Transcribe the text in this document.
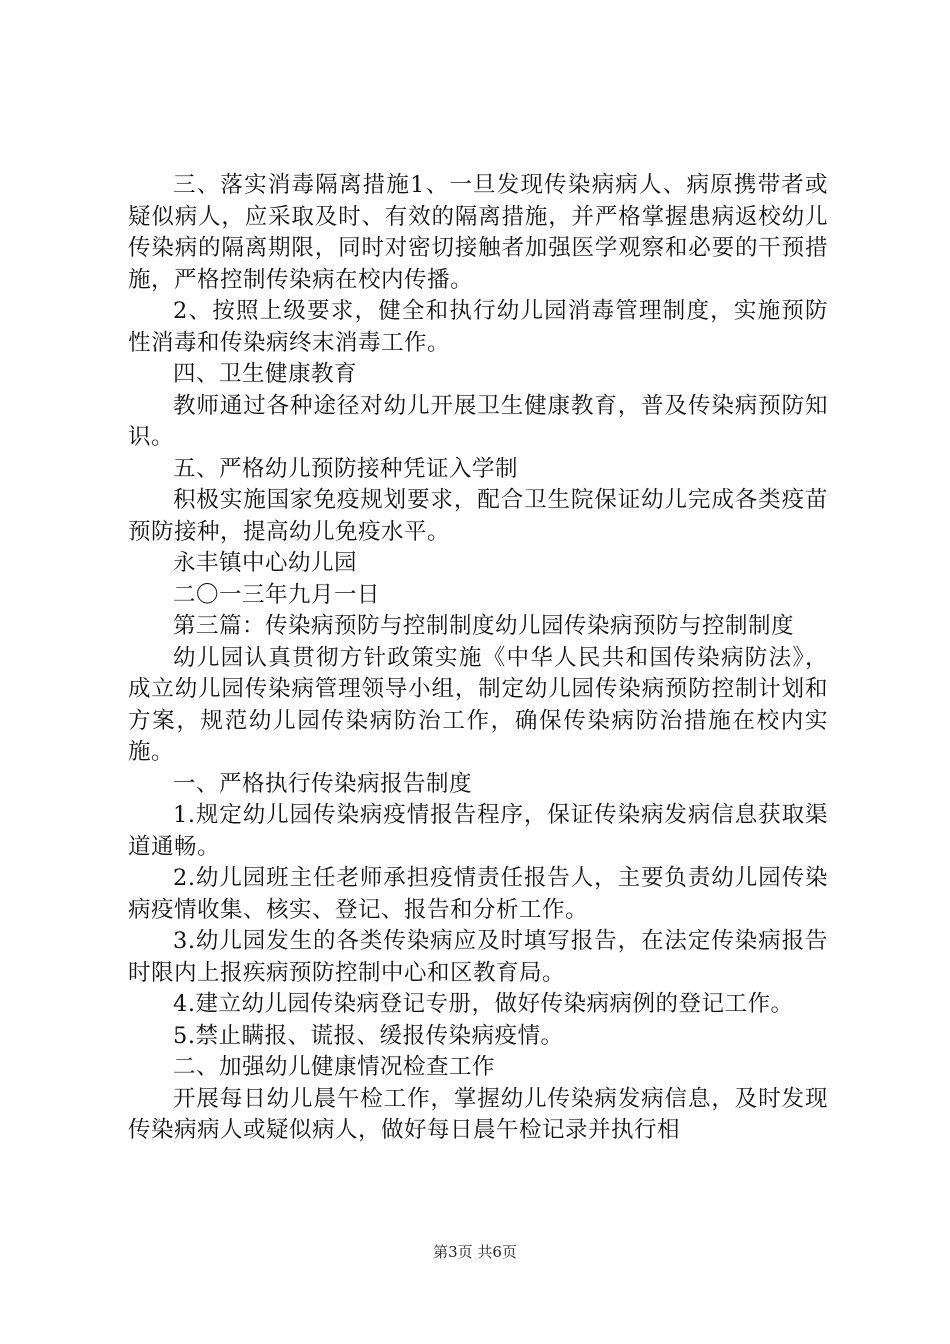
三、落实消毒隔离措施1、一旦发现传染病病人、病原携带者或疑似病人，应采取及时、有效的隔离措施，并严格掌握患病返校幼儿传染病的隔离期限，同时对密切接触者加强医学观察和必要的干预措施，严格控制传染病在校内传播。

2、按照上级要求，健全和执行幼儿园消毒管理制度，实施预防性消毒和传染病终末消毒工作。

四、卫生健康教育

教师通过各种途径对幼儿开展卫生健康教育，普及传染病预防知识。

五、严格幼儿预防接种凭证入学制

积极实施国家免疫规划要求，配合卫生院保证幼儿完成各类疫苗预防接种，提高幼儿免疫水平。

永丰镇中心幼儿园

二〇一三年九月一日

第三篇：传染病预防与控制制度幼儿园传染病预防与控制制度

幼儿园认真贯彻方针政策实施《中华人民共和国传染病防法》，成立幼儿园传染病管理领导小组，制定幼儿园传染病预防控制计划和方案，规范幼儿园传染病防治工作，确保传染病防治措施在校内实施。

一、严格执行传染病报告制度

1.规定幼儿园传染病疫情报告程序，保证传染病发病信息获取渠道通畅。

2.幼儿园班主任老师承担疫情责任报告人，主要负责幼儿园传染病疫情收集、核实、登记、报告和分析工作。

3.幼儿园发生的各类传染病应及时填写报告，在法定传染病报告时限内上报疾病预防控制中心和区教育局。

4.建立幼儿园传染病登记专册，做好传染病病例的登记工作。

5.禁止瞒报、谎报、缓报传染病疫情。

二、加强幼儿健康情况检查工作

开展每日幼儿晨午检工作，掌握幼儿传染病发病信息，及时发现传染病病人或疑似病人，做好每日晨午检记录并执行相

第3页 共6页
